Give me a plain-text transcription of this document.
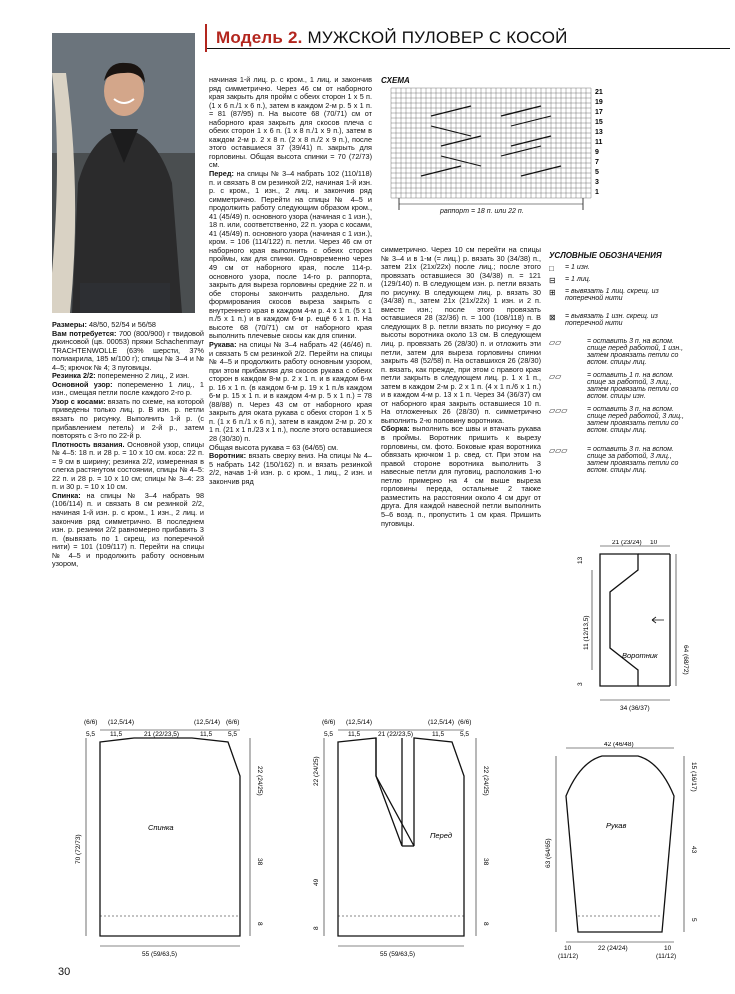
Модель 2. МУЖСКОЙ ПУЛОВЕР С КОСОЙ

Размеры: 48/50, 52/54 и 56/58

Вам потребуется: 700 (800/900) г твидовой джинсовой (цв. 00053) пряжи Schachenmayr TRACHTENWOLLE (63% шерсти, 37% полиакрила, 185 м/100 г); спицы № 3–4 и № 4–5; крючок № 4; 3 пуговицы.

Резинка 2/2: попеременно 2 лиц., 2 изн.

Основной узор: попеременно 1 лиц., 1 изн., смещая петли после каждого 2-го р.

Узор с косами: вязать по схеме, на которой приведены только лиц. р. В изн. р. петли вязать по рисунку. Выполнить 1-й р. (с прибавлением петель) и 2-й р., затем повторять с 3-го по 22-й р.

Плотность вязания. Основной узор, спицы № 4–5: 18 п. и 28 р. = 10 x 10 см. коса: 22 п. = 9 см в ширину; резинка 2/2, измеренная в слегка растянутом состоянии, спицы № 4–5: 22 п. и 28 р. = 10 x 10 см; спицы № 3–4: 23 п. и 30 р. = 10 x 10 см.

Спинка: на спицы № 3–4 набрать 98 (106/114) п. и связать 8 см резинкой 2/2, начиная 1-й изн. р. с кром., 1 изн., 2 лиц. и закончив ряд симметрично. В последнем изн. р. резинки 2/2 равномерно прибавить 3 п. (вывязать по 1 скрещ. из поперечной нити) = 101 (109/117) п. Перейти на спицы № 4–5 и продолжить работу основным узором,

начиная 1-й лиц. р. с кром., 1 лиц. и закончив ряд симметрично. Через 46 см от наборного края закрыть для пройм с обеих сторон 1 x 5 п. (1 x 6 п./1 x 6 п.), затем в каждом 2-м р. 5 x 1 п. = 81 (87/95) п. На высоте 68 (70/71) см от наборного края закрыть для скосов плеча с обеих сторон 1 x 6 п. (1 x 8 п./1 x 9 п.), затем в каждом 2-м р. 2 x 8 п. (2 x 8 п./2 x 9 п.), после этого оставшиеся 37 (39/41) п. закрыть для горловины. Общая высота спинки = 70 (72/73) см.

Перед: на спицы № 3–4 набрать 102 (110/118) п. и связать 8 см резинкой 2/2, начиная 1-й изн. р. с кром., 1 изн., 2 лиц. и закончив ряд симметрично. Перейти на спицы № 4–5 и продолжить работу следующим образом кром., 41 (45/49) п. основного узора (начиная с 1 изн.), 18 п. или, соответственно, 22 п. узора с косами, 41 (45/49) п. основного узора (начиная с 1 изн.), кром. = 106 (114/122) п. петли. Через 46 см от наборного края выполнить с обеих сторон проймы, как для спинки. Одновременно через 49 см от наборного края, после 114-р. основного узора, после 14-го р. раппорта, закрыть для выреза горловины средние 22 п. и обе стороны закончить раздельно. Для формирования скосов выреза закрыть с внутреннего края в каждом 4-м р. 4 x 1 п. (5 x 1 п./5 x 1 п.) и в каждом 6-м р. ещё 6 x 1 п. На высоте 68 (70/71) см от наборного края выполнить плечевые скосы как для спинки.

Рукава: на спицы № 3–4 набрать 42 (46/46) п. и связать 5 см резинкой 2/2. Перейти на спицы № 4–5 и продолжить работу основным узором, при этом прибавляя для скосов рукава с обеих сторон в каждом 8-м р. 2 x 1 п. и в каждом 6-м р. 16 x 1 п. (в каждом 6-м р. 19 x 1 п./в каждом 6-м р. 15 x 1 п. и в каждом 4-м р. 5 x 1 п.) = 78 (88/88) п. Через 43 см от наборного края закрыть для оката рукава с обеих сторон 1 x 5 п. (1 x 6 п./1 x 6 п.), затем в каждом 2-м р. 20 x 1 п. (21 x 1 п./23 x 1 п.), после этого оставшиеся 28 (30/30) п.

Общая высота рукава = 63 (64/65) см.

Воротник: вязать сверху вниз. На спицы № 4–5 набрать 142 (150/162) п. и вязать резинкой 2/2, начав 1-й изн. р. с кром., 1 лиц., 2 изн. и закончив ряд

симметрично. Через 10 см перейти на спицы № 3–4 и в 1-м (= лиц.) р. вязать 30 (34/38) п., затем 21x (21x/22x) после лиц.; после этого провязать оставшиеся 30 (34/38) п. = 121 (129/140) п. В следующем изн. р. петли вязать по рисунку. В следующем лиц. р. вязать 30 (34/38) п., затем 21x (21x/22x) 1 изн. и 2 п. вместе изн.; после этого провязать оставшиеся 28 (32/36) п. = 100 (108/118) п. В следующих 8 р. петли вязать по рисунку = до высоты воротника около 13 см. В следующем лиц. р. провязать 26 (28/30) п. и отложить эти петли, затем для выреза горловины спинки закрыть 48 (52/58) п. На оставшихся 26 (28/30) п. вязать, как прежде, при этом с правого края петли закрыть в следующем лиц. р. 1 x 1 п., затем в каждом 2-м р. 2 x 1 п. (4 x 1 п./6 x 1 п.) и в каждом 4-м р. 13 x 1 п. Через 34 (36/37) см от наборного края закрыть оставшиеся 10 п. На отложенных 26 (28/30) п. симметрично выполнить 2-ю половину воротника.

Сборка: выполнить все швы и втачать рукава в проймы. Воротник пришить к вырезу горловины, см. фото. Боковые края воротника обвязать крючком 1 р. свед. ст. При этом на правой стороне воротника выполнить 3 навесные петли для пуговиц, расположив 1-ю петлю примерно на 4 см выше выреза горловины переда, остальные 2 также разместить на расстоянии около 4 см друг от друга. Для каждой навесной петли выполнить 5–6 возд. п., пропустить 1 см края. Пришить пуговицы.

СХЕМА
21
19
17
15
13
11
9
7
5
3
1
раппорт = 18 п. или 22 п.
УСЛОВНЫЕ ОБОЗНАЧЕНИЯ
□	= 1 изн.
⊟	= 1 лиц.
⊞	= вывязать 1 лиц. скрещ. из поперечной нити
⊠	= вывязать 1 изн. скрещ. из поперечной нити
▱▱	= оставить 3 п. на вспом. спице перед работой, 1 изн., затем провязать петли со вспом. спицы лиц.
▱▱	= оставить 1 п. на вспом. спице за работой, 3 лиц., затем провязать петли со вспом. спицы изн.
▱▱▱	= оставить 3 п. на вспом. спице перед работой, 3 лиц., затем провязать петли со вспом. спицы лиц.
▱▱▱	= оставить 3 п. на вспом. спице за работой, 3 лиц., затем провязать петли со вспом. спицы лиц.
Воротник
21 (23/24) 10
34 (36/37)
11 (12/13,5)
64 (68/72)
13
3
Спинка
(6/6) (12,5/14)
5,5 11,5	21 (22/23,5)
(12,5/14) (6/6)
11,5 5,5
70 (72/73)
22 (24/25)
38
8
55 (59/63,5)
Перед
(6/6) (12,5/14)
5,5 11,5	21 (22/23,5)
(12,5/14) (6/6)
11,5 5,5
22 (24/25)
49
8
22 (24/25)
38
8
55 (59/63,5)
Рукав
42 (46/48)
63 (64/65)
15 (16/17)
43
5
10
(11/12)
22 (24/24)	10
(11/12)
30
